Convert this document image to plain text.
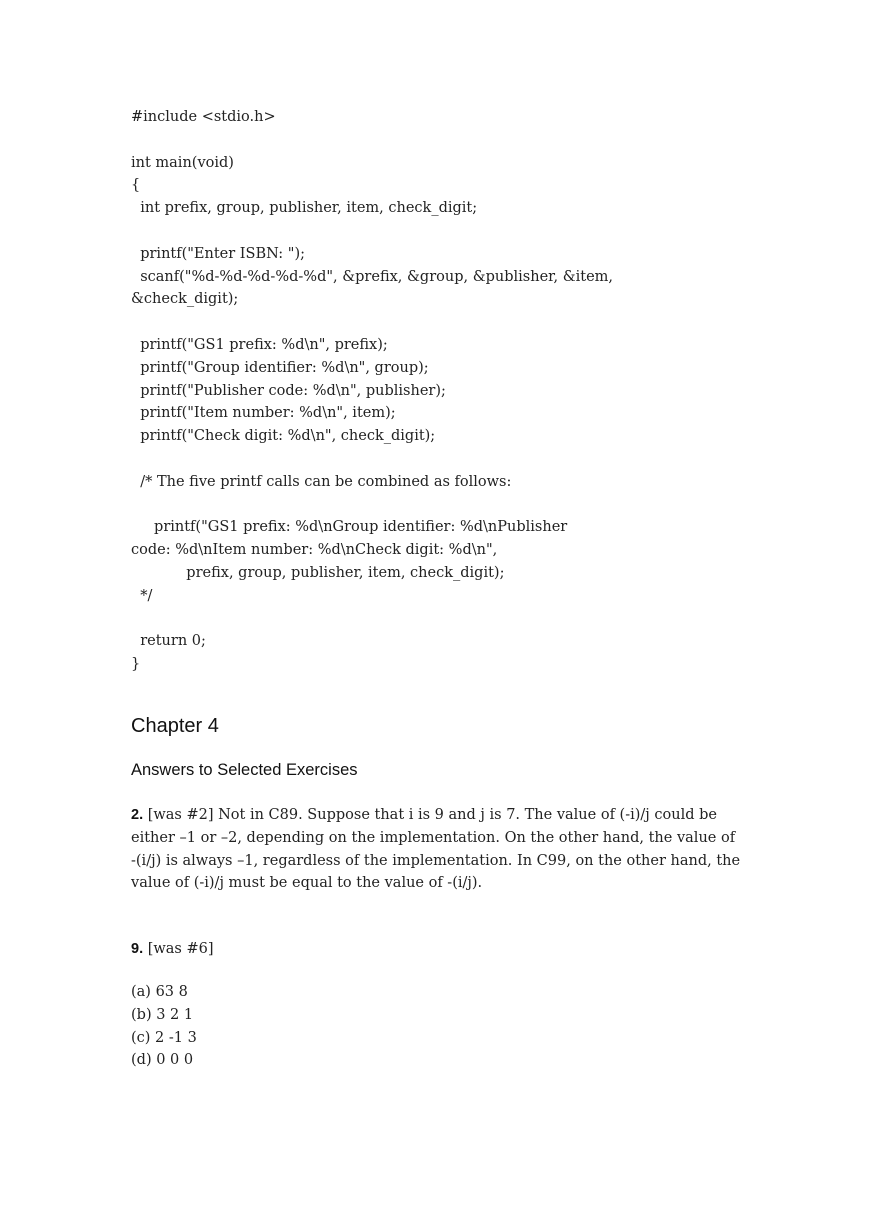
#include <stdio.h>

int main(void)
{
int prefix, group, publisher, item, check_digit;

printf("Enter ISBN: ");
scanf("%d-%d-%d-%d-%d", &prefix, &group, &publisher, &item,
&check_digit);

printf("GS1 prefix: %d\n", prefix);
printf("Group identifier: %d\n", group);
printf("Publisher code: %d\n", publisher);
printf("Item number: %d\n", item);
printf("Check digit: %d\n", check_digit);

/* The five printf calls can be combined as follows:

printf("GS1 prefix: %d\nGroup identifier: %d\nPublisher
code: %d\nItem number: %d\nCheck digit: %d\n",
prefix, group, publisher, item, check_digit);
*/

return 0;
}
Chapter 4
Answers to Selected Exercises

2. [was #2] Not in C89. Suppose that i is 9 and j is 7. The value of (-i)/j could be either –1 or –2, depending on the implementation. On the other hand, the value of -(i/j) is always –1, regardless of the implementation. In C99, on the other hand, the value of (-i)/j must be equal to the value of -(i/j).

9. [was #6]

(a) 63 8
(b) 3 2 1
(c) 2 -1 3
(d) 0 0 0
